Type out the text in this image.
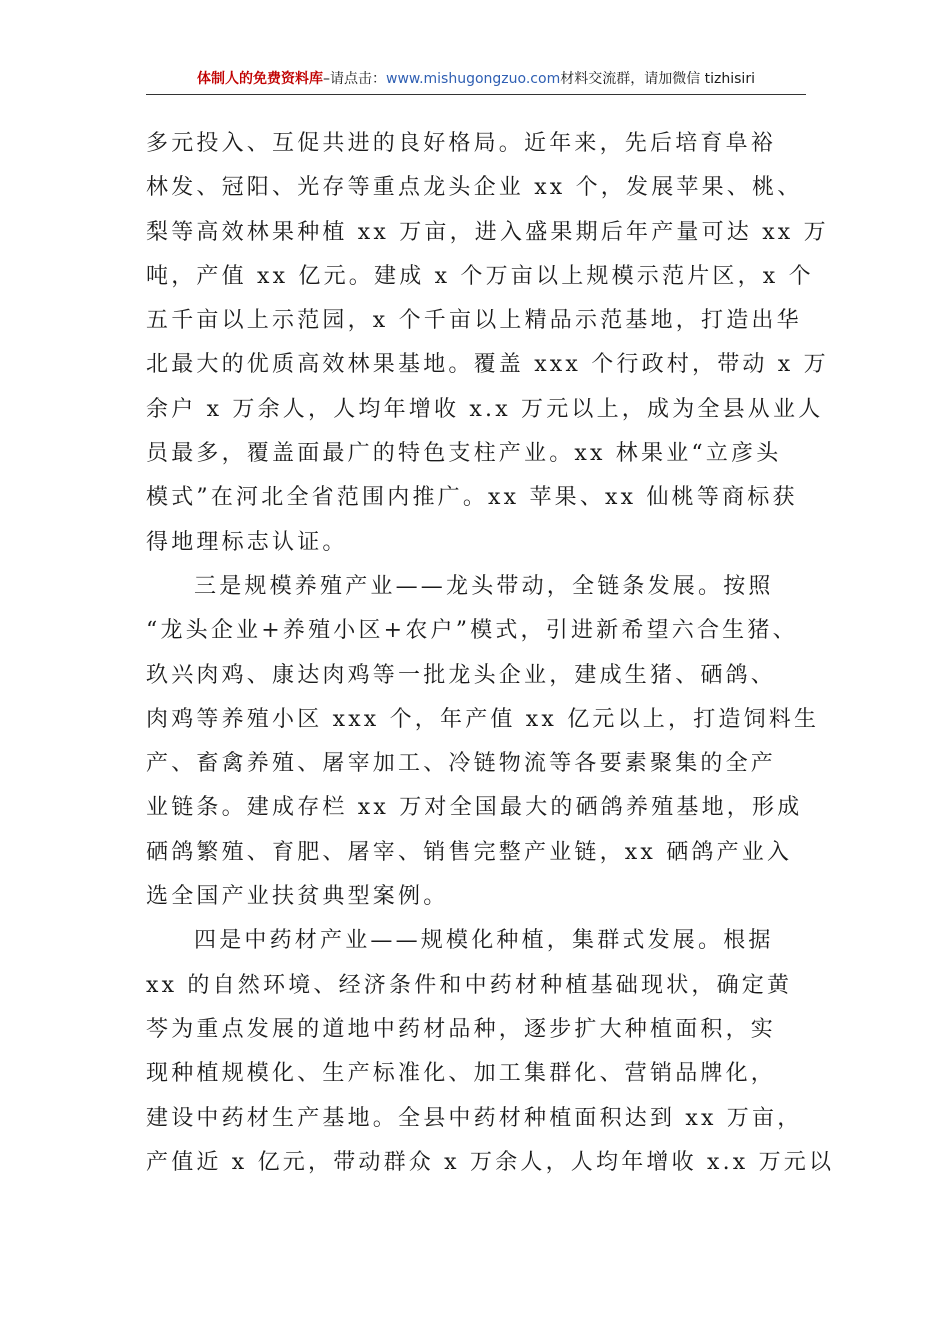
体制人的免费资料库–请点击：www.mishugongzuo.com材料交流群，请加微信 tizhisiri
多元投入、互促共进的良好格局。近年来，先后培育阜裕
林发、冠阳、光存等重点龙头企业 xx 个，发展苹果、桃、
梨等高效林果种植 xx 万亩，进入盛果期后年产量可达 xx 万
吨，产值 xx 亿元。建成 x 个万亩以上规模示范片区，x 个
五千亩以上示范园，x 个千亩以上精品示范基地，打造出华
北最大的优质高效林果基地。覆盖 xxx 个行政村，带动 x 万
余户 x 万余人，人均年增收 x.x 万元以上，成为全县从业人
员最多，覆盖面最广的特色支柱产业。xx 林果业“立彦头
模式”在河北全省范围内推广。xx 苹果、xx 仙桃等商标获
得地理标志认证。
三是规模养殖产业——龙头带动，全链条发展。按照
“龙头企业+养殖小区+农户”模式，引进新希望六合生猪、
玖兴肉鸡、康达肉鸡等一批龙头企业，建成生猪、硒鸽、
肉鸡等养殖小区 xxx 个，年产值 xx 亿元以上，打造饲料生
产、畜禽养殖、屠宰加工、冷链物流等各要素聚集的全产
业链条。建成存栏 xx 万对全国最大的硒鸽养殖基地，形成
硒鸽繁殖、育肥、屠宰、销售完整产业链，xx 硒鸽产业入
选全国产业扶贫典型案例。
四是中药材产业——规模化种植，集群式发展。根据
xx 的自然环境、经济条件和中药材种植基础现状，确定黄
芩为重点发展的道地中药材品种，逐步扩大种植面积，实
现种植规模化、生产标准化、加工集群化、营销品牌化，
建设中药材生产基地。全县中药材种植面积达到 xx 万亩，
产值近 x 亿元，带动群众 x 万余人，人均年增收 x.x 万元以
